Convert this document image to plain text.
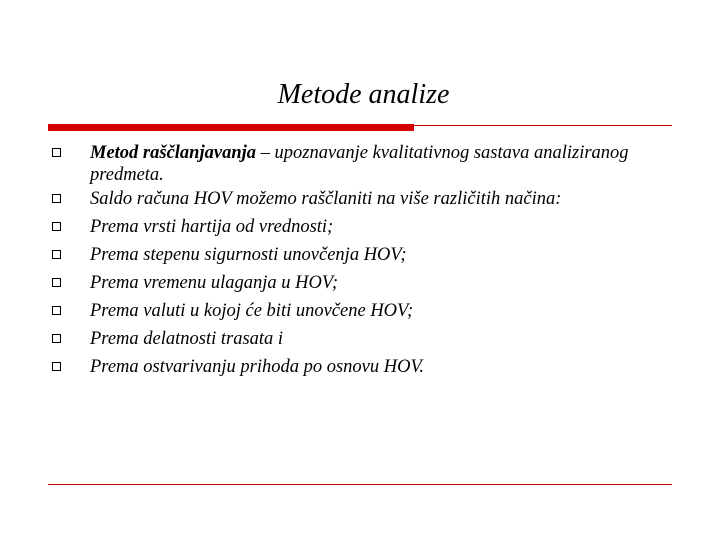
Metode analize
Metod raščlanjavanja – upoznavanje kvalitativnog sastava analiziranog predmeta.
Saldo računa HOV možemo raščlaniti na više različitih načina:
Prema vrsti hartija od vrednosti;
Prema stepenu sigurnosti unovčenja HOV;
Prema vremenu ulaganja u HOV;
Prema valuti u kojoj će biti unovčene HOV;
Prema delatnosti trasata i
Prema ostvarivanju prihoda po osnovu HOV.
